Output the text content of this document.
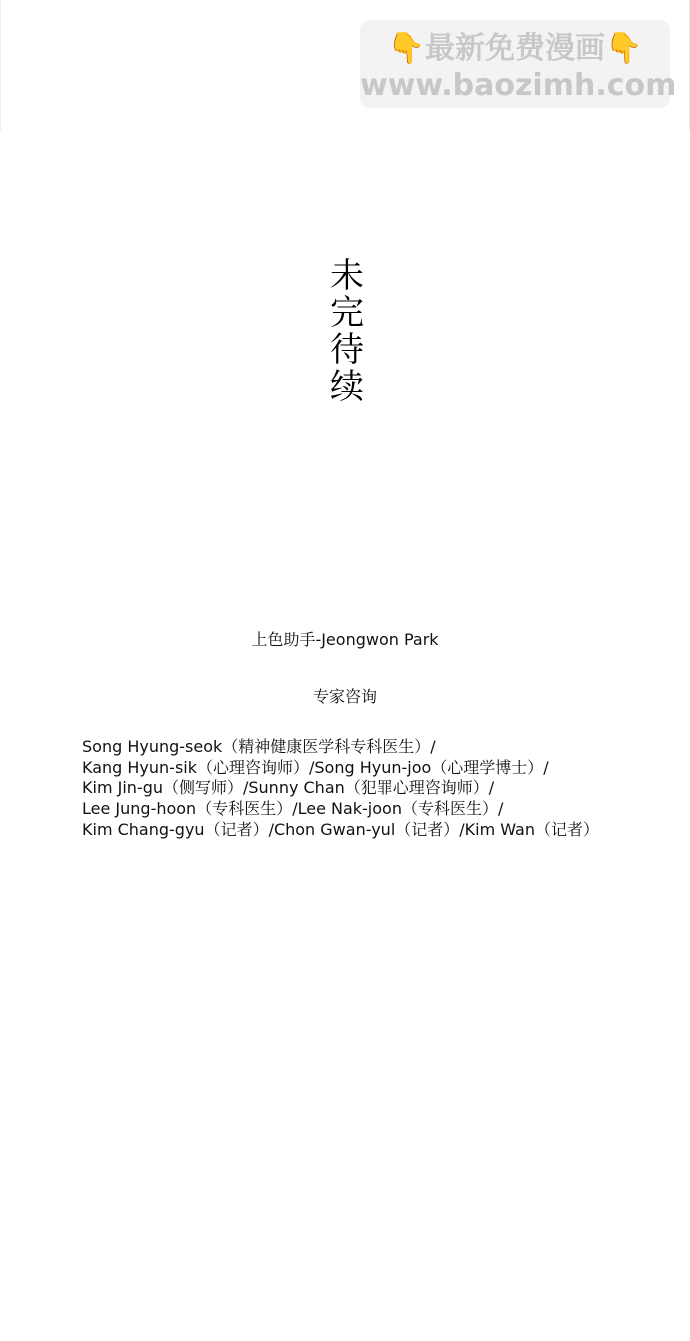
👇最新免费漫画👇
www.baozimh.com
未
完
待
续
上色助手-Jeongwon Park
专家咨询
Song Hyung-seok（精神健康医学科专科医生）/
Kang Hyun-sik（心理咨询师）/Song Hyun-joo（心理学博士）/
Kim Jin-gu（侧写师）/Sunny Chan（犯罪心理咨询师）/
Lee Jung-hoon（专科医生）/Lee Nak-joon（专科医生）/
Kim Chang-gyu（记者）/Chon Gwan-yul（记者）/Kim Wan（记者）
